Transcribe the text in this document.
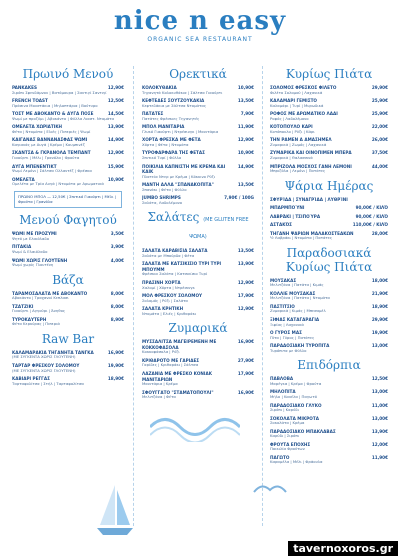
nice n easy
ORGANIC SEA RESTAURANT
Πρωινό Μενού
PANKAKES	12,90€
Σιρόπι Σφενδάμνου | Βατόμουρα | Σαντιγί Σαντιγί
FRENCH TOAST	12,50€
Πράσινα Μουστάκια | Μηλοπτάρια | Βούτυρο
ΤΟΣΤ ΜΕ ΑΒΟΚΑΝΤΟ & ΑΥΓΑ ΠΟΣΕ	14,50€
Ψωμί με προζύμι | Αβοκάντο | Φύλλα Λιαστ. Ντομάτα
ΟΜΕΛΕΤΑ ΧΩΡΙΑΤΙΚΗ	13,90€
Φέτα | Ντομάτα | Ελιές | Πιπεριές | Ψωμί
ΚΑΙΓΑΝΑΣ ΒΑΝΝΑΝΑΣΦΑΣ ΨΩΜΙ	14,90€
Καγιανάς με Αυγά | Κρέμα | Κουμπινέζ
ΣΚΑΝΤΣΑ & ΓΚΡΑΝΟΛΑ ΤΕΜΠΑΝΤ	12,90€
Γιαούρτι | Μέλι | Γρανόλα | Φρούτα
ΑΥΓΑ ΜΠΕΝΕΝΤΙΚΤ	15,90€
Ψωμί Λεμόνι | Σάλτσα Ολλαντέζ | Φρέσκα
ΟΜΕΛΕΤΑ	10,90€
Ομελέτα με Τρία Αυγά | Ντομάτα με Αρωματικά
ΠΡΩΙΝΟ ΜΠΟΛ — 12,50€ | Σπιτικό Γιαούρτι | Μέλι | Φρούτα | Γρανόλα
Μενού Φαγητού
ΨΩΜΙ ΜΕ ΠΡΟΖΥΜΙ	3,50€
Ψητό με Ελαιόλαδο
ΠΙΤΑΚΙΑ	3,90€
Ψωμί & Ελαιόλαδο
ΨΩΜΙ ΧΩΡΙΣ ΓΛΟΥΤΕΝΗ	4,00€
Ψωμί χωρίς Γλουτένη
Βάζα
ΤΑΡΑΜΟΣΑΛΑΤΑ ΜΕ ΑΒΟΚΑΝΤΟ	8,00€
Αβοκάντο | Τραχανοί Κεπλασι
ΤΖΑΤΖΙΚΙ	8,00€
Γιαούρτι | Αγγούρι | Άνηθος
ΤΥΡΟΚΑΥΤΕΡΗ	8,90€
Φέτα Κερκύρας | Πιπεριά
Raw Bar
ΚΑΛΑΜΑΡΑΚΙΑ ΤΗΓΑΝΗΤΑ ΤΑΝΓΚΑ	16,90€
(ΜΕ ΣΥΓΚΕΝΤΑ ΧΩΡΙΣ ΓΛΟΥΤΕΝΗ)
ΤΑΡΤΑΡ ΦΡΕΣΚΟΥ ΣΟΛΟΜΟΥ	19,90€
(ΜΕ ΣΥΓΚΕΝΤΑ ΧΩΡΙΣ ΓΛΟΥΤΕΝΗ)
ΚΑΒΙΑΡΙ ΡΕΓΓΑΣ	18,90€
Ταρταφολίτσα | Στήλ | Ταρταφολίτσα
Ορεκτικά
ΚΟΛΟΚΥΘΑΚΙΑ	10,90€
Τηγανητά Κολοκυθάκια | Σάλτσα Γιαούρτι
ΚΕΦΤΕΔΕΣ ΣΟΥΤΖΟΥΚΑΚΙΑ	13,50€
Κεφτεδάκια με Σάλτσα Ντομάτας
ΠΑΤΑΤΕΣ	7,90€
Πατάτες Φρέσκιες Τηγανητές
ΜΠΟΛ ΜΑΝΙΤΑΡΙΑ	11,90€
Γλυκό Γιαούρτι | Ντρέσινγκ | Μανιτάρια
ΧΟΡΤΑ ΦΡΕΣΚΑ ΜΕ ΦΕΤΑ	12,90€
Χόρτα | Φέτα | Ντομάτα
ΤΥΡΟΦΑΡΦΑΡΑ ΤΗΣ ΦΕΤΑΣ	10,90€
Σπιτικό Τυρί | Φύλλο
ΠΟΙΚΙΛΙΑ ΚΑΠΝΙΣΤΗ ΜΕ ΚΡΕΜΑ ΚΑΙ ΚΑΙΚ
14,90€
Πλατεία Ντερ με Κρέμα | Κόκκινο Ρύζι
ΜΑΝΤΗ ΑΛΛΑ "ΣΠΑΝΑΚΟΠΙΤΑ"	13,50€
Σπανάκι | Φέτα | Φύλλο
JUMBO SHRIMPS	7,90€ / 100G
Σαλάτα, Λαδολέμονο
Σαλάτες (ΜΕ GLUTEN FREE ΨΩΜΑ)
ΣΑΛΑΤΑ ΚΑΡΑΒΙΣΙΑ ΣΑΛΑΤΑ	13,50€
Σαλάτα με Μπούρδα | Φέτα
ΣΑΛΑΤΑ ΜΕ ΚΑΤΣΙΚΙΣΙΟ ΤΥΡΙ ΤΥΡΙ ΜΠΟΥΜΜ
13,90€
Φρέσκια Σαλάτα | Κατσικίσιο Τυρί
ΠΡΑΣΙΝΗ ΧΟΡΤΑ	12,90€
Χαλομί | Χόρτα | Ντρέσινγκ
ΜΟΛ ΦΡΕΣΚΟΥ ΣΟΛΟΜΟΥ	17,90€
Σολομός | Ρύζι | Σαλάτα
ΣΑΛΑΤΑ ΚΡΗΤΙΚΗ	12,90€
Ντομάτα | Ελιές | Κριθαράκι
Ζυμαρικά
ΜΥΣΣΑΛΙΤΣΑ ΜΑΓΕΙΡΕΜΕΝΗ ΜΕ ΚΟΚΚΟΦΑΣΟΛΑ
16,90€
Κοκκοφάσολα | Ρύζι
ΚΡΙΘΑΡΟΤΟ ΜΕ ΓΑΡΙΔΕΣ	27,90€
Γαρίδες | Κριθαράκι | Σάλτσα
ΛΑΖΑΝΙΑ ΜΕ ΦΡΕΣΚΟ ΚΟΝΙΑΚ ΜΑΝΙΤΑΡΙΩΝ
17,90€
Μανιτάρια | Κρέμα
ΣΦΟΥΓΓΑΤΟ "ΣΤΑΜΑΤΟΠΟΥΛΙ"	16,90€
Μελιτζάνα | Φέτα
Κυρίως Πιάτα
ΣΟΛΟΜΟΣ ΦΡΕΣΚΟΣ ΦΙΛΕΤΟ	29,90€
Φιλέτο Σολομού | Λαχανικά
ΚΑΛΑΜΑΡΙ ΓΕΜΙΣΤΟ	25,90€
Καλαμάρι | Τυρί | Μυρωδικά
ΡΟΦΟΣ ΜΕ ΑΡΩΜΑΤΙΚΟ ΛΑΔΙ	25,90€
Ροφός | Λαδολέμονο
ΚΟΤΟΠΟΥΛΟ ΚΑΡΙ	22,00€
Κοτόπουλο | Ρύζι | Κάρι
ΤΗΝ ΡΑΜΕΝ Α ΑΜΑΣΗΜΕΛ	26,00€
Ζυμαρικά | Ζωμός | Λαχανικά
ΖΥΜΑΡΙΚΑ ΚΑΙ ΟΙΝΟΠΙΜΕΝ ΜΠΕΡΔ	37,50€
Ζυμαρικά | Θαλασσινά
ΜΠΡΙΖΟΛΑ ΜΟΣΧΟΣ ΓΑΝΗ ΛΕΜΟΝΙ	44,00€
Μπριζόλα | Λεμόνι | Πατάτες
Ψάρια Ημέρας
ΣΦΥΡΊΔΑ | ΣΥΝΑΓΡΊΔΑ | ΛΥΘΡΊΝΙ
ΜΠΑΡΜΠΟΎΝΙ	90,00€ / ΚΙΛΌ
ΛΑΒΡΆΚΙ | ΤΣΙΠΟΎΡΑ	90,00€ / ΚΙΛΌ
ΑΣΤΑΚΌΣ	110,00€ / ΚΙΛΌ
ΤΗΓΑΝΗ ΨΑΡΙΩΝ ΜΑΛΑΚΟΣΤΕΑΚΩΝ	28,00€
½ Λαβράκι | Ντομάτα | Πατάτες
Παραδοσιακά Κυρίως Πιάτα
ΜΟΥΣΑΚΑΣ	18,00€
Μελιτζάνα | Πατάτα | Κιμάς
ΚΟΛΛΙΕ ΜΟΥΣΑΚΑΣ	21,90€
Μελιτζάνα | Πατάτα | Ντομάτα
ΠΑΣΤΙΤΣΙΟ	18,90€
Ζυμαρικά | Κιμάς | Μπεσαμέλ
ΞΙΦΙΑΣ ΚΑΤΑΓΑΡΑΓΙΑ	29,90€
Ξιφίας | Λαχανικά
Ο ΓΥΡΟΣ ΜΑΣ	19,90€
Πίτα | Γύρος | Πατάτες
ΠΑΡΑΔΟΣΙΑΚΗ ΤΥΡΟΠΙΤΑ	13,00€
Τυρόπιτα με Φύλλο
Επιδόρπια
ΠΑΒΛΟΒΑ	12,50€
Μαρέγκα | Κρέμα | Φρούτα
ΜΗΛΟΠΙΤΑ	13,00€
Μήλο | Κανέλα | Παγωτό
ΠΑΡΑΔΟΣΙΑΚΟ ΓΛΥΚΟ	11,00€
Σιρόπι | Καρύδι
ΣΟΚΟΛΑΤΑ ΜΙΚΡΟΤΑ	13,00€
Σοκολάτα | Κρέμα
ΠΑΡΑΔΟΣΙΑΚΟ ΜΠΑΚΛΑΒΑΣ	13,90€
Καρύδι | Σιρόπι
ΦΡΟΥΤΑ ΕΠΟΧΗΣ	12,00€
Ποικιλία Φρούτων
ΠΑΓΩΤΟ	11,90€
Καραμέλα | Μέλι | Φράουλα
tavernoxoros.gr
